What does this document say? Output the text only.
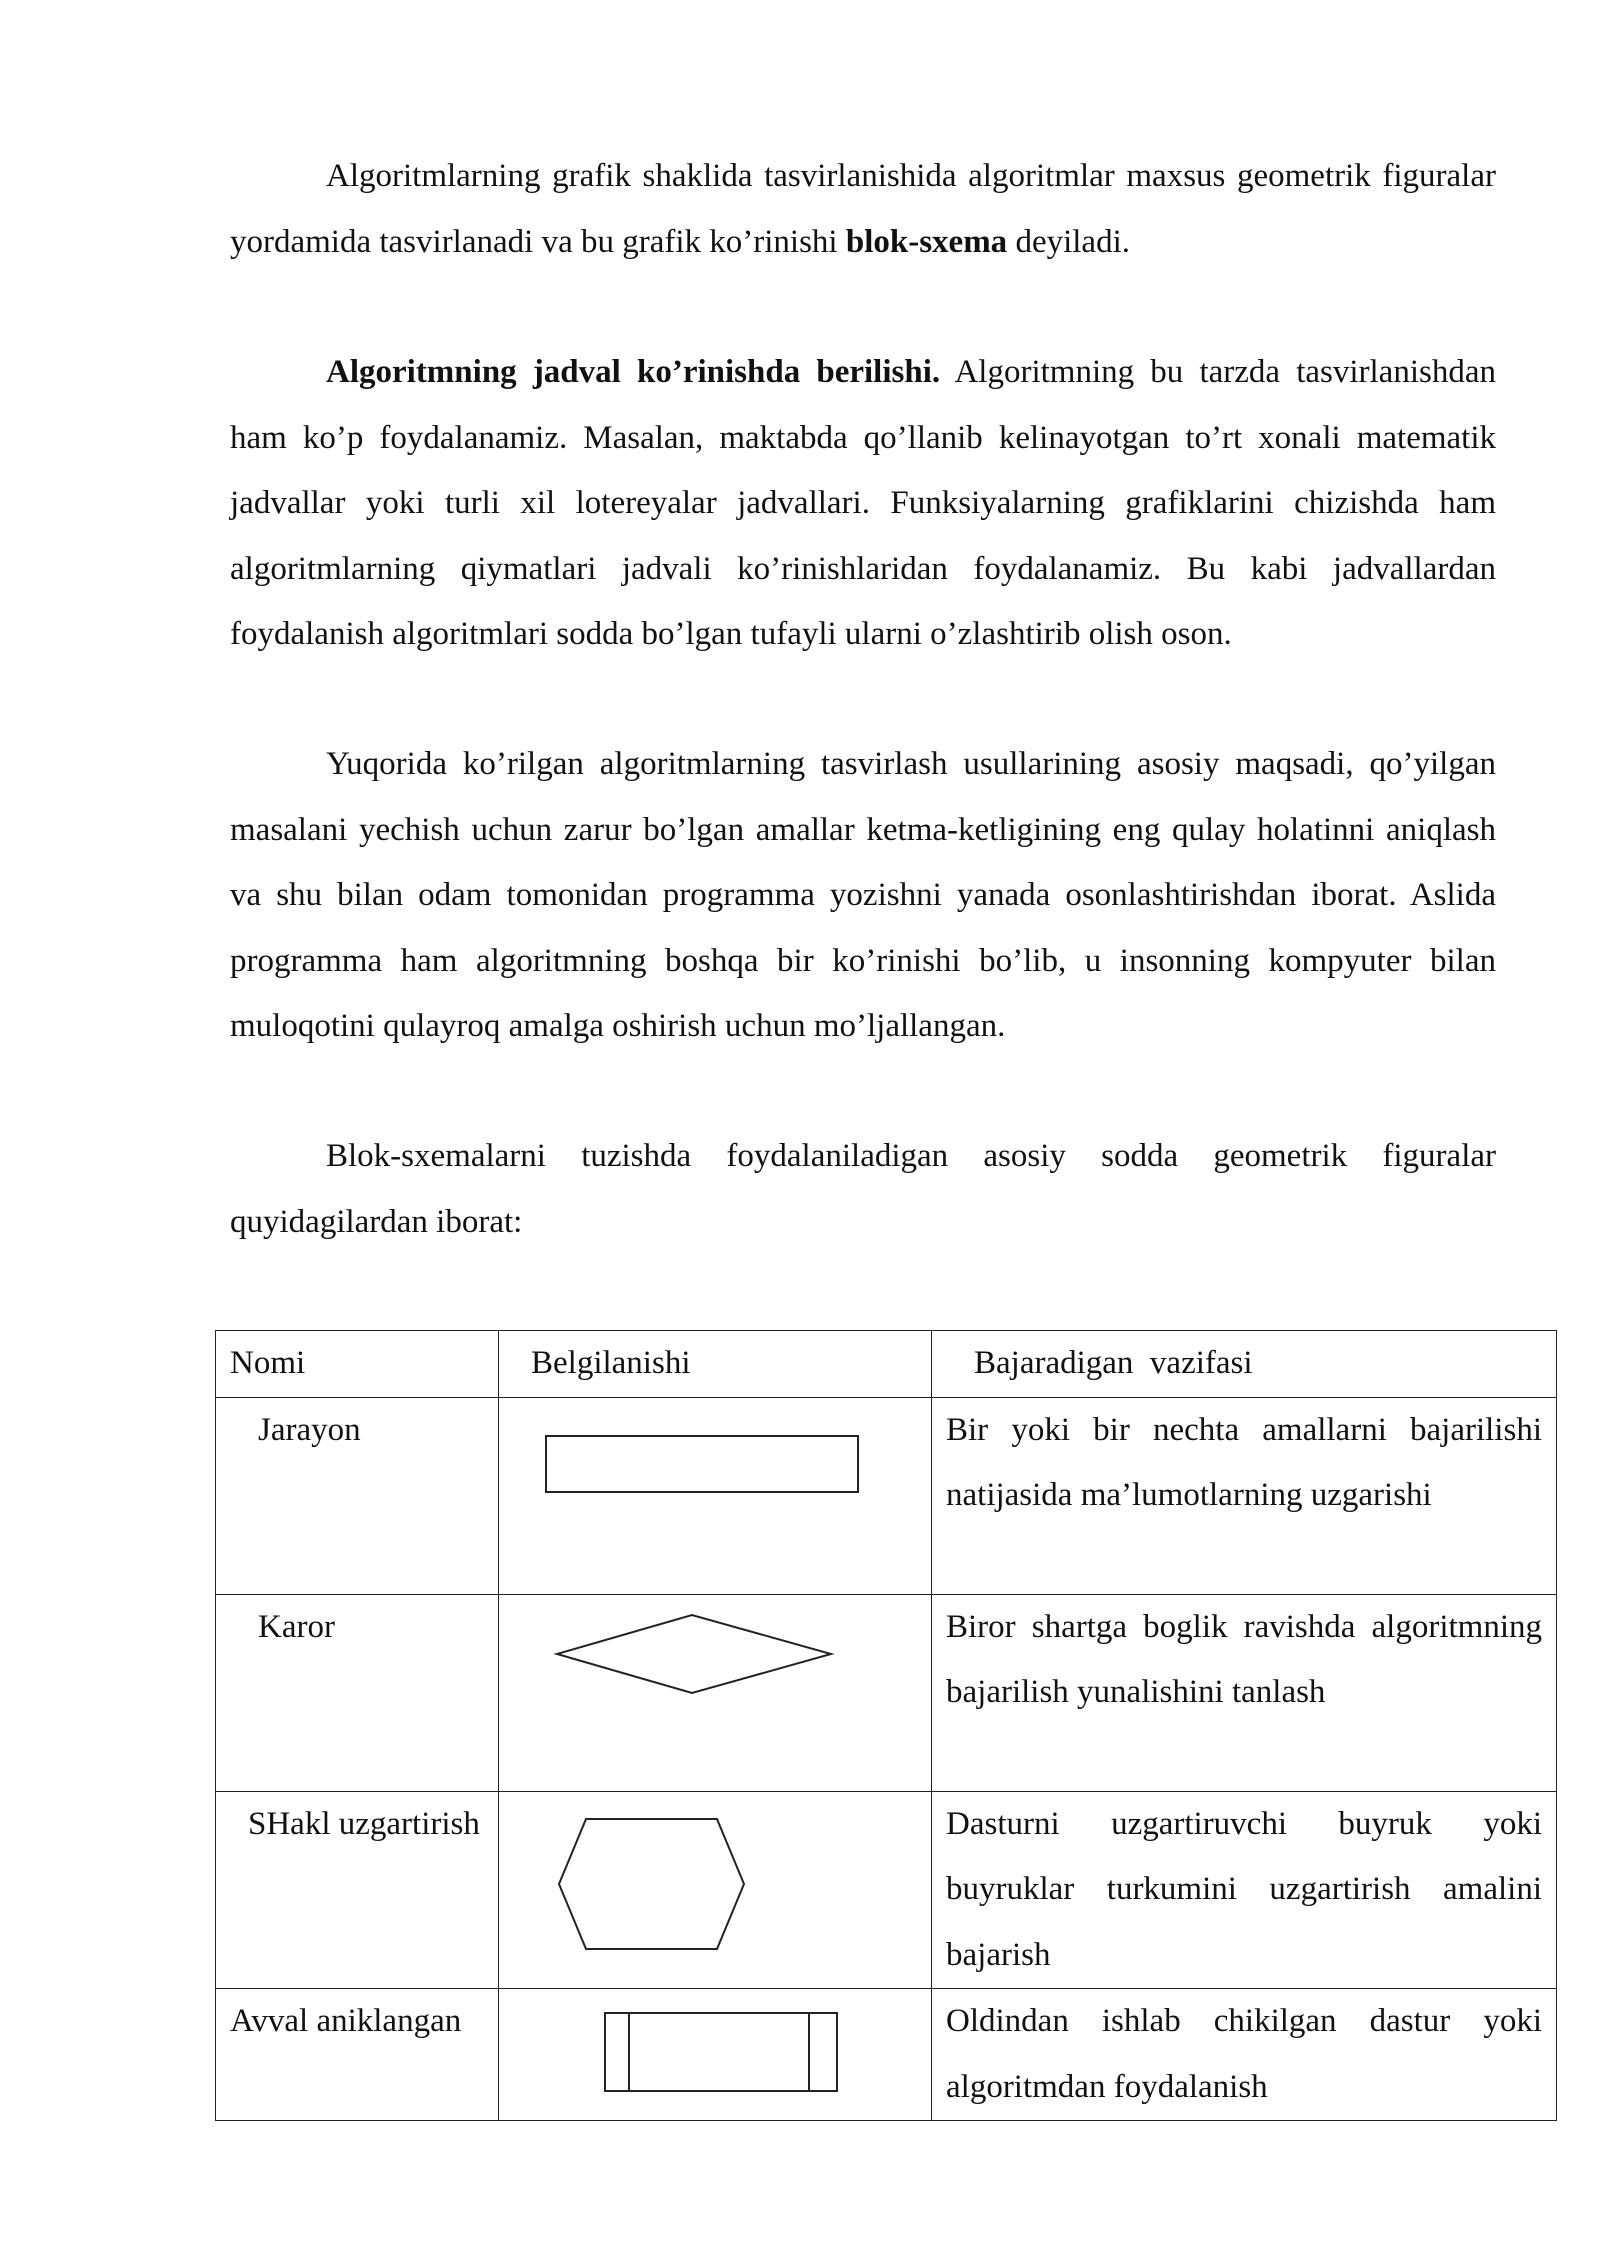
Algoritmlarning grafik shaklida tasvirlanishida algoritmlar maxsus geometrik figuralar yordamida tasvirlanadi va bu grafik ko’rinishi blok-sxema deyiladi.

Algoritmning jadval ko’rinishda berilishi. Algoritmning bu tarzda tasvirlanishdan ham ko’p foydalanamiz. Masalan, maktabda qo’llanib kelinayotgan to’rt xonali matematik jadvallar yoki turli xil lotereyalar jadvallari. Funksiyalarning grafiklarini chizishda ham algoritmlarning qiymatlari jadvali ko’rinishlaridan foydalanamiz. Bu kabi jadvallardan foydalanish algoritmlari sodda bo’lgan tufayli ularni o’zlashtirib olish oson.

Yuqorida ko’rilgan algoritmlarning tasvirlash usullarining asosiy maqsadi, qo’yilgan masalani yechish uchun zarur bo’lgan amallar ketma-ketligining eng qulay holatinni aniqlash va shu bilan odam tomonidan programma yozishni yanada osonlashtirishdan iborat. Aslida programma ham algoritmning boshqa bir ko’rinishi bo’lib, u insonning kompyuter bilan muloqotini qulayroq amalga oshirish uchun mo’ljallangan.

Blok-sxemalarni tuzishda foydalaniladigan asosiy sodda geometrik figuralar quyidagilardan iborat:

Nomi	Belgilanishi	Bajaradigan  vazifasi
Jarayon		Bir yoki bir nechta amallarni bajarilishi natijasida ma’lumotlarning uzgarishi
Karor		Biror shartga boglik ravishda algoritmning bajarilish yunalishini tanlash
SHakl uzgartirish		Dasturni uzgartiruvchi buyruk yoki buyruklar turkumini uzgartirish amalini bajarish
Avval aniklangan		Oldindan ishlab chikilgan dastur yoki algoritmdan foydalanish
